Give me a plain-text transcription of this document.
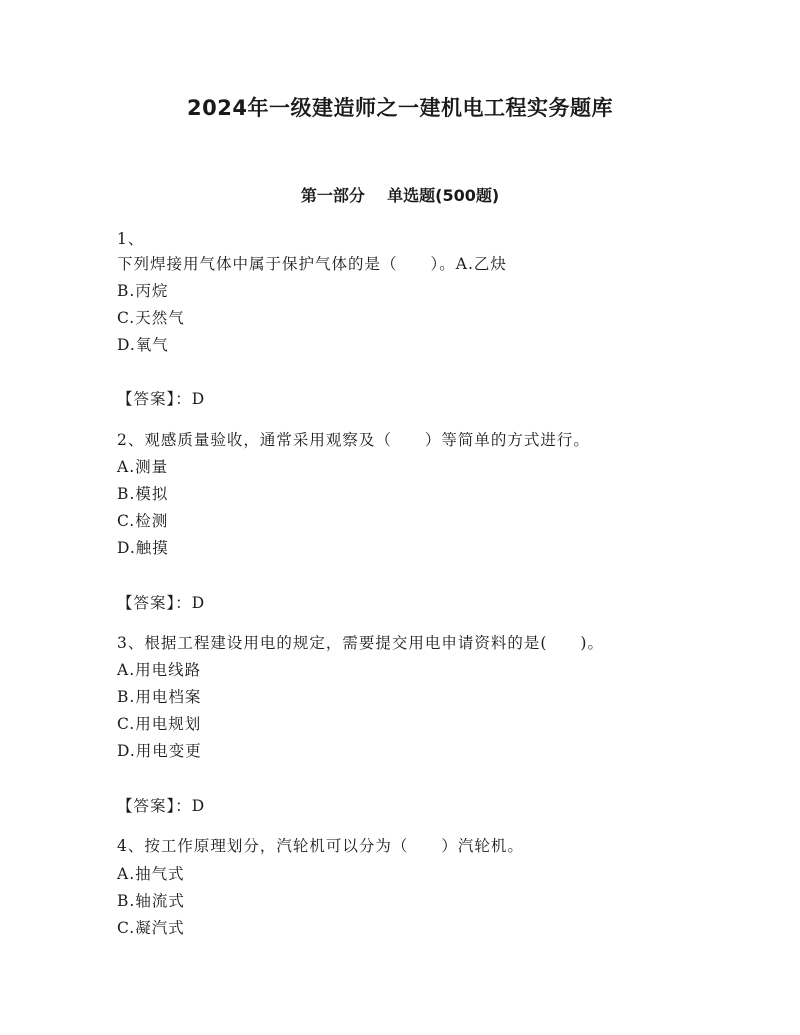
2024年一级建造师之一建机电工程实务题库
第一部分    单选题(500题)
1、
下列焊接用气体中属于保护气体的是（　　）。A.乙炔
B.丙烷
C.天然气
D.氧气
【答案】：D
2、观感质量验收，通常采用观察及（　　）等简单的方式进行。
A.测量
B.模拟
C.检测
D.触摸
【答案】：D
3、根据工程建设用电的规定，需要提交用电申请资料的是(　　)。
A.用电线路
B.用电档案
C.用电规划
D.用电变更
【答案】：D
4、按工作原理划分，汽轮机可以分为（　　）汽轮机。
A.抽气式
B.轴流式
C.凝汽式
